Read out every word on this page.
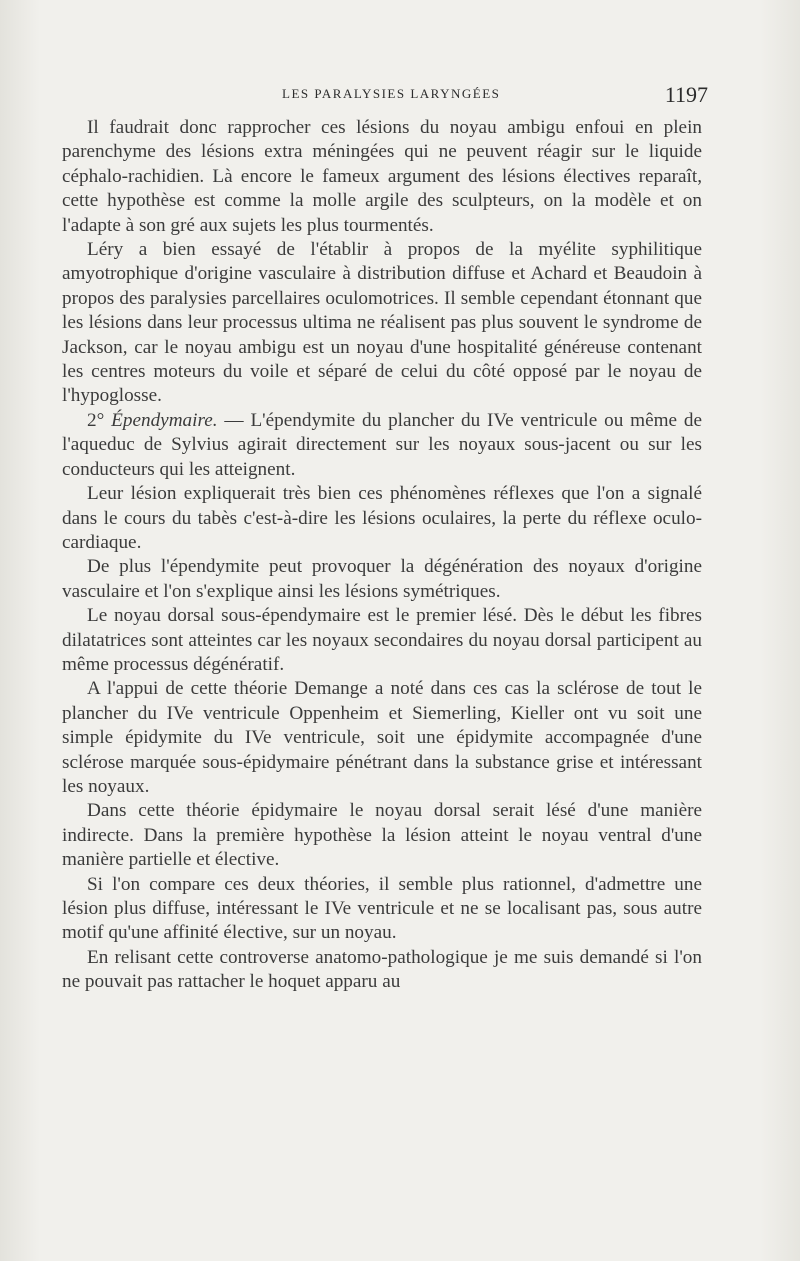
LES PARALYSIES LARYNGÉES	1197

Il faudrait donc rapprocher ces lésions du noyau ambigu enfoui en plein parenchyme des lésions extra méningées qui ne peuvent réagir sur le liquide céphalo-rachidien. Là encore le fameux argument des lésions électives reparaît, cette hypothèse est comme la molle argile des sculpteurs, on la modèle et on l'adapte à son gré aux sujets les plus tourmentés.

Léry a bien essayé de l'établir à propos de la myélite syphilitique amyotrophique d'origine vasculaire à distribution diffuse et Achard et Beaudoin à propos des paralysies parcellaires oculomotrices. Il semble cependant étonnant que les lésions dans leur processus ultima ne réalisent pas plus souvent le syndrome de Jackson, car le noyau ambigu est un noyau d'une hospitalité généreuse contenant les centres moteurs du voile et séparé de celui du côté opposé par le noyau de l'hypoglosse.

2° Épendymaire. — L'épendymite du plancher du IVe ventricule ou même de l'aqueduc de Sylvius agirait directement sur les noyaux sous-jacent ou sur les conducteurs qui les atteignent.

Leur lésion expliquerait très bien ces phénomènes réflexes que l'on a signalé dans le cours du tabès c'est-à-dire les lésions oculaires, la perte du réflexe oculo-cardiaque.

De plus l'épendymite peut provoquer la dégénération des noyaux d'origine vasculaire et l'on s'explique ainsi les lésions symétriques.

Le noyau dorsal sous-épendymaire est le premier lésé. Dès le début les fibres dilatatrices sont atteintes car les noyaux secondaires du noyau dorsal participent au même processus dégénératif.

A l'appui de cette théorie Demange a noté dans ces cas la sclérose de tout le plancher du IVe ventricule Oppenheim et Siemerling, Kieller ont vu soit une simple épidymite du IVe ventricule, soit une épidymite accompagnée d'une sclérose marquée sous-épidymaire pénétrant dans la substance grise et intéressant les noyaux.

Dans cette théorie épidymaire le noyau dorsal serait lésé d'une manière indirecte. Dans la première hypothèse la lésion atteint le noyau ventral d'une manière partielle et élective.

Si l'on compare ces deux théories, il semble plus rationnel, d'admettre une lésion plus diffuse, intéressant le IVe ventricule et ne se localisant pas, sous autre motif qu'une affinité élective, sur un noyau.

En relisant cette controverse anatomo-pathologique je me suis demandé si l'on ne pouvait pas rattacher le hoquet apparu au
